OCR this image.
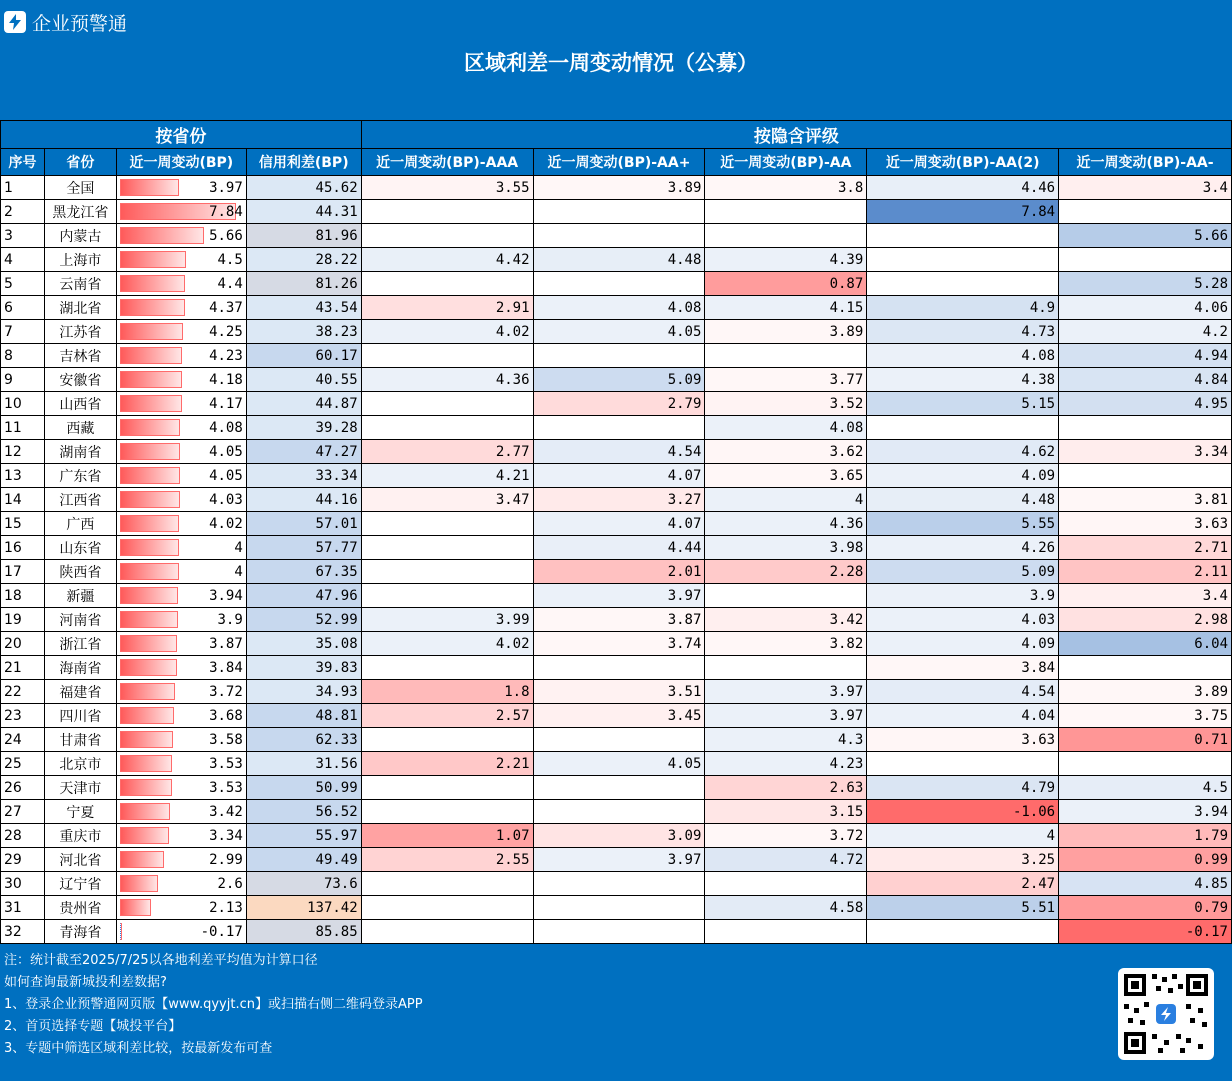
企业预警通
区域利差一周变动情况（公募）
按省份				按隐含评级				
序号	省份	近一周变动(BP)	信用利差(BP)	近一周变动(BP)-AAA	近一周变动(BP)-AA+	近一周变动(BP)-AA	近一周变动(BP)-AA(2)	近一周变动(BP)-AA-
1	全国	3.97	45.62	3.55	3.89	3.8	4.46	3.4
2	黑龙江省	7.84	44.31				7.84	
3	内蒙古	5.66	81.96					5.66
4	上海市	4.5	28.22	4.42	4.48	4.39		
5	云南省	4.4	81.26			0.87		5.28
6	湖北省	4.37	43.54	2.91	4.08	4.15	4.9	4.06
7	江苏省	4.25	38.23	4.02	4.05	3.89	4.73	4.2
8	吉林省	4.23	60.17				4.08	4.94
9	安徽省	4.18	40.55	4.36	5.09	3.77	4.38	4.84
10	山西省	4.17	44.87		2.79	3.52	5.15	4.95
11	西藏	4.08	39.28			4.08		
12	湖南省	4.05	47.27	2.77	4.54	3.62	4.62	3.34
13	广东省	4.05	33.34	4.21	4.07	3.65	4.09	
14	江西省	4.03	44.16	3.47	3.27	4	4.48	3.81
15	广西	4.02	57.01		4.07	4.36	5.55	3.63
16	山东省	4	57.77		4.44	3.98	4.26	2.71
17	陕西省	4	67.35		2.01	2.28	5.09	2.11
18	新疆	3.94	47.96		3.97		3.9	3.4
19	河南省	3.9	52.99	3.99	3.87	3.42	4.03	2.98
20	浙江省	3.87	35.08	4.02	3.74	3.82	4.09	6.04
21	海南省	3.84	39.83				3.84	
22	福建省	3.72	34.93	1.8	3.51	3.97	4.54	3.89
23	四川省	3.68	48.81	2.57	3.45	3.97	4.04	3.75
24	甘肃省	3.58	62.33			4.3	3.63	0.71
25	北京市	3.53	31.56	2.21	4.05	4.23		
26	天津市	3.53	50.99			2.63	4.79	4.5
27	宁夏	3.42	56.52			3.15	-1.06	3.94
28	重庆市	3.34	55.97	1.07	3.09	3.72	4	1.79
29	河北省	2.99	49.49	2.55	3.97	4.72	3.25	0.99
30	辽宁省	2.6	73.6				2.47	4.85
31	贵州省	2.13	137.42			4.58	5.51	0.79
32	青海省	-0.17	85.85					-0.17
注：统计截至2025/7/25以各地利差平均值为计算口径
如何查询最新城投利差数据?
1、登录企业预警通网页版【www.qyyjt.cn】或扫描右侧二维码登录APP
2、首页选择专题【城投平台】
3、专题中筛选区域利差比较，按最新发布可查
